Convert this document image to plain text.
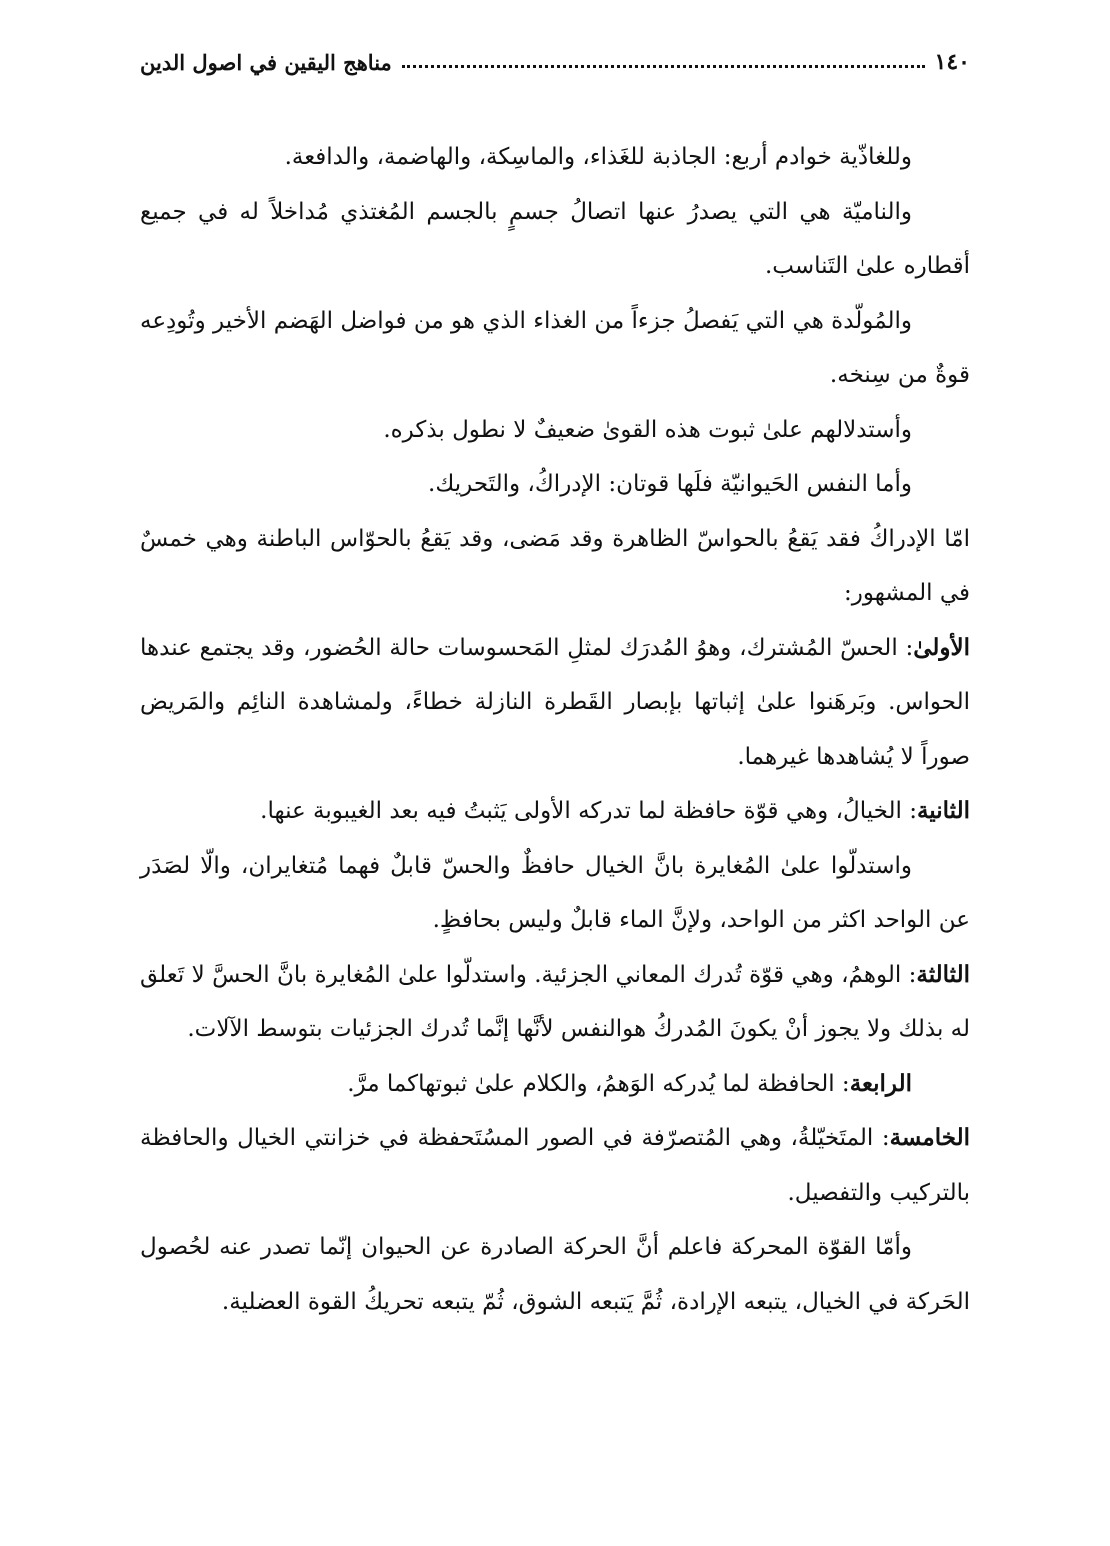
١٤٠
مناهج اليقين في اصول الدين

وللغاذّية خوادم أربع: الجاذبة للغَذاء، والماسِكة، والهاضمة، والدافعة.

والناميّة هي التي يصدرُ عنها اتصالُ جسمٍ بالجسم المُغتذي مُداخلاً له في جميع أقطاره علىٰ التَناسب.

والمُولّدة هي التي يَفصلُ جزءاً من الغذاء الذي هو من فواضل الهَضم الأخير وتُودِعه قوةٌ من سِنخه.

وأستدلالهم علىٰ ثبوت هذه القوىٰ ضعيفٌ لا نطول بذكره.

وأما النفس الحَيوانيّة فلَها قوتان: الإدراكُ، والتَحريك.

امّا الإدراكُ فقد يَقعُ بالحواسّ الظاهرة وقد مَضى، وقد يَقعُ بالحوّاس الباطنة وهي خمسٌ في المشهور:

الأولىٰ: الحسّ المُشترك، وهوُ المُدرَك لمثلِ المَحسوسات حالة الحُضور، وقد يجتمع عندها الحواس. وبَرهَنوا علىٰ إثباتها بإبصار القَطرة النازلة خطاءً، ولمشاهدة النائِم والمَريض صوراً لا يُشاهدها غيرهما.

الثانية: الخيالُ، وهي قوّة حافظة لما تدركه الأولى يَثبتُ فيه بعد الغيبوبة عنها.

واستدلّوا علىٰ المُغايرة بانَّ الخيال حافظٌ والحسّ قابلٌ فهما مُتغايران، والّا لصَدَر عن الواحد اكثر من الواحد، ولإنَّ الماء قابلٌ وليس بحافظٍ.

الثالثة: الوهمُ، وهي قوّة تُدرك المعاني الجزئية. واستدلّوا علىٰ المُغايرة بانَّ الحسَّ لا تَعلق له بذلك ولا يجوز أنْ يكونَ المُدركُ هوالنفس لأنَّها إنَّما تُدرك الجزئيات بتوسط الآلات.

الرابعة: الحافظة لما يُدركه الوَهمُ، والكلام علىٰ ثبوتهاكما مرَّ.

الخامسة: المتَخيّلةُ، وهي المُتصرّفة في الصور المسُتَحفظة في خزانتي الخيال والحافظة بالتركيب والتفصيل.

وأمّا القوّة المحركة فاعلم أنَّ الحركة الصادرة عن الحيوان إنّما تصدر عنه لحُصول الحَركة في الخيال، يتبعه الإرادة، ثُمَّ يَتبعه الشوق، ثُمّ يتبعه تحريكُ القوة العضلية.
